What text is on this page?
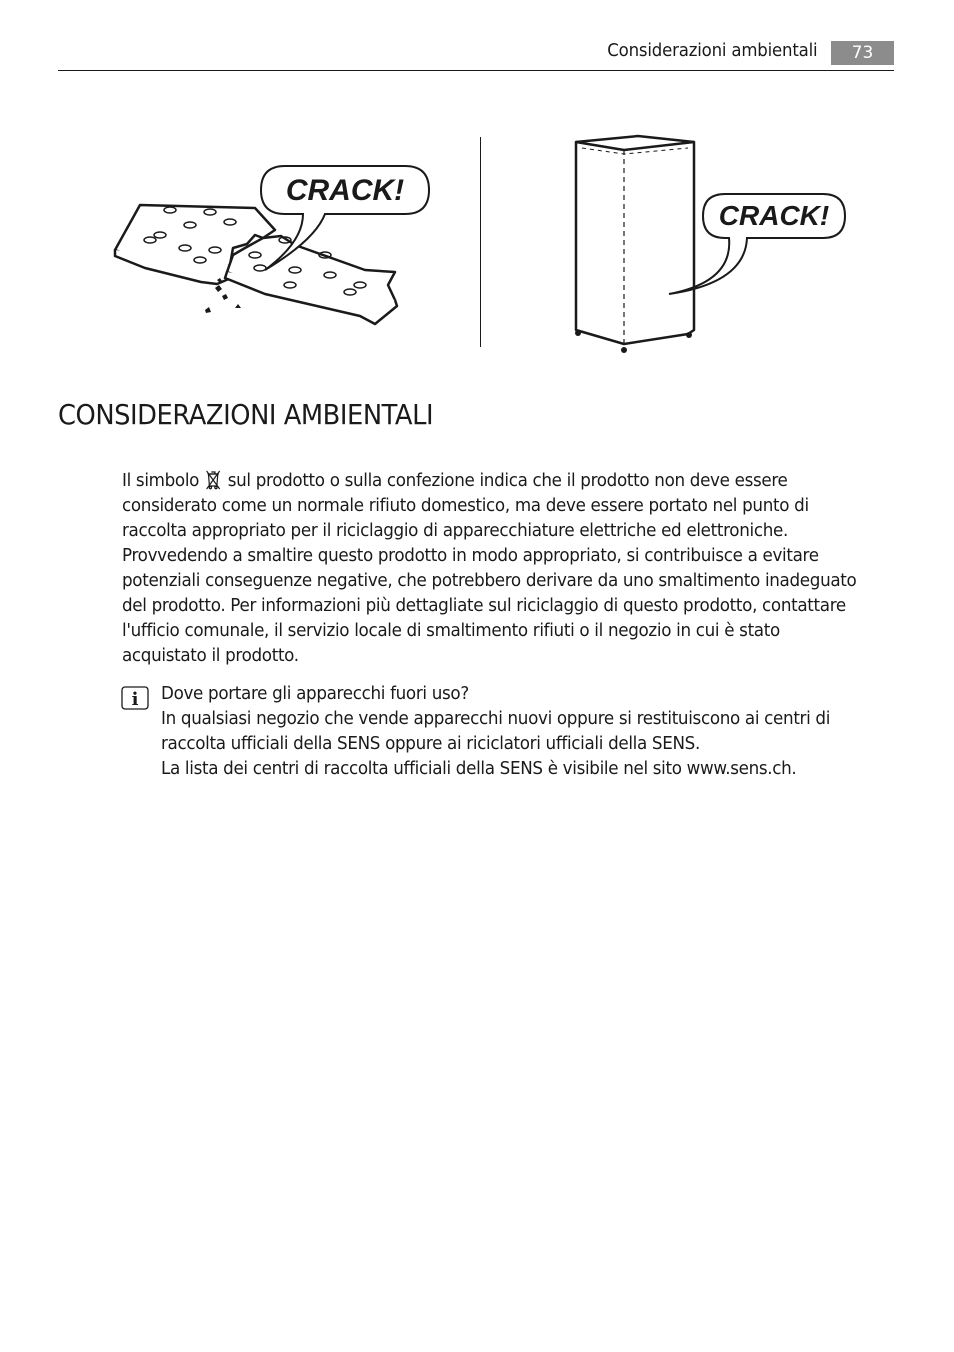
Considerazioni ambientali	73
CRACK!
CRACK!
CONSIDERAZIONI AMBIENTALI

Il simbolo  sul prodotto o sulla confezione indica che il prodotto non deve essere considerato come un normale rifiuto domestico, ma deve essere portato nel punto di raccolta appropriato per il riciclaggio di apparecchiature elettriche ed elettroniche. Provvedendo a smaltire questo prodotto in modo appropriato, si contribuisce a evitare potenziali conseguenze negative, che potrebbero derivare da uno smaltimento inadeguato del prodotto. Per informazioni più dettagliate sul riciclaggio di questo prodotto, contattare l'ufficio comunale, il servizio locale di smaltimento rifiuti o il negozio in cui è stato acquistato il prodotto.

i Dove portare gli apparecchi fuori uso?
In qualsiasi negozio che vende apparecchi nuovi oppure si restituiscono ai centri di
raccolta ufficiali della SENS oppure ai riciclatori ufficiali della SENS.
La lista dei centri di raccolta ufficiali della SENS è visibile nel sito www.sens.ch.
